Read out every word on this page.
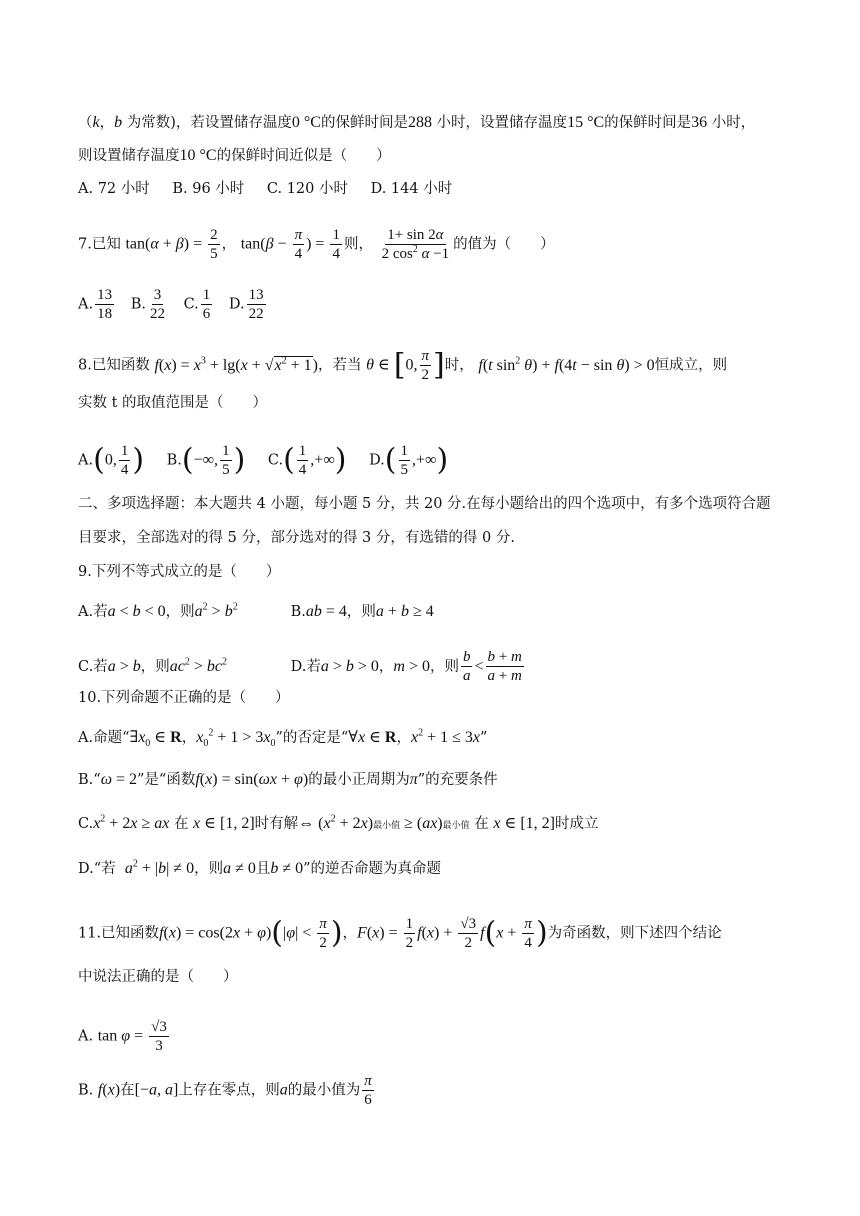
（k，b 为常数)，若设置储存温度0 °C的保鲜时间是288 小时，设置储存温度15 °C的保鲜时间是36 小时，
则设置储存温度10 °C的保鲜时间近似是（　　）
A. 72 小时 B. 96 小时 C. 120 小时 D. 144 小时
7.已知 $\tan(\alpha + \beta) = \frac{2}{5}$ ， $\tan(\beta - \frac{\pi}{4}$ ) = $\frac{1}{4}$ 则， $\frac{1+ \sin 2\alpha}{2 \cos^2 \alpha -1}$ 的值为（　　）
A. $\frac{13}{18} B$. $\frac{3}{22} C$. $\frac{1}{6} D$. $\frac{13}{22}$
8.已知函数 $f(x) = x^3 + \lg(x + √x^2 + 1)$，若当 θ ∈ [0, $\frac{\pi}{2}$ ]时， f(t $\sin^2 \theta) + f(4t - \sin \theta) > 0$恒成立，则
实数 t 的取值范围是（　　）
A.(0, $\frac{1}{4}$ ) B.(−∞, $\frac{1}{5}$ ) $C.( \frac{1}{4}$ ,+∞) $D.( \frac{1}{5}$ ,+∞)
二、多项选择题：本大题共 4 小题，每小题 5 分，共 20 分.在每小题给出的四个选项中，有多个选项符合题
目要求，全部选对的得 5 分，部分选对的得 3 分，有选错的得 0 分.
9.下列不等式成立的是（　　）
A.若a < b < 0，则$a^2 > b^2$	B.ab = 4，则a + b ≥ 4
C.若a > b，则$ac^2 > bc^2$	D.若a > b > 0，m > 0，则 $\frac{b}{a} < \frac{b + m}{a + m}$
10.下列命题不正确的是（　　）
A.命题“$\exists x_0$ ∈ R，$x_0^2 + 1 > 3x_0$”的否定是“∀x ∈ R，$x^2 + 1 \le 3x$”
B.“ω = 2”是“函数f(x) = sin(ωx + φ)的最小正周期为π”的充要条件
$C.x^2 + 2x$ ≥ ax 在 x ∈ [1, 2]时有解⇔ $(x^2 + 2x)$最小值 ≥ (ax)最小值 在 x ∈ [1, 2]时成立
D.“若 $a^2 + |b| \ne 0$，则a ≠ 0且b ≠ 0”的逆否命题为真命题
11.已知函数$f(x) = \cos(2x + \varphi)(|\varphi| < \frac{\pi}{2}$ )，$F(x) = \frac{1}{2} f(x) + \frac{√3}{2} f(x + \frac{\pi}{4}$ )为奇函数，则下述四个结论
中说法正确的是（　　）
A. $\tan \varphi = \frac{√3}{3}$
B. f(x)在[−a, a]上存在零点，则a的最小值为 $\frac{\pi}{6}$
